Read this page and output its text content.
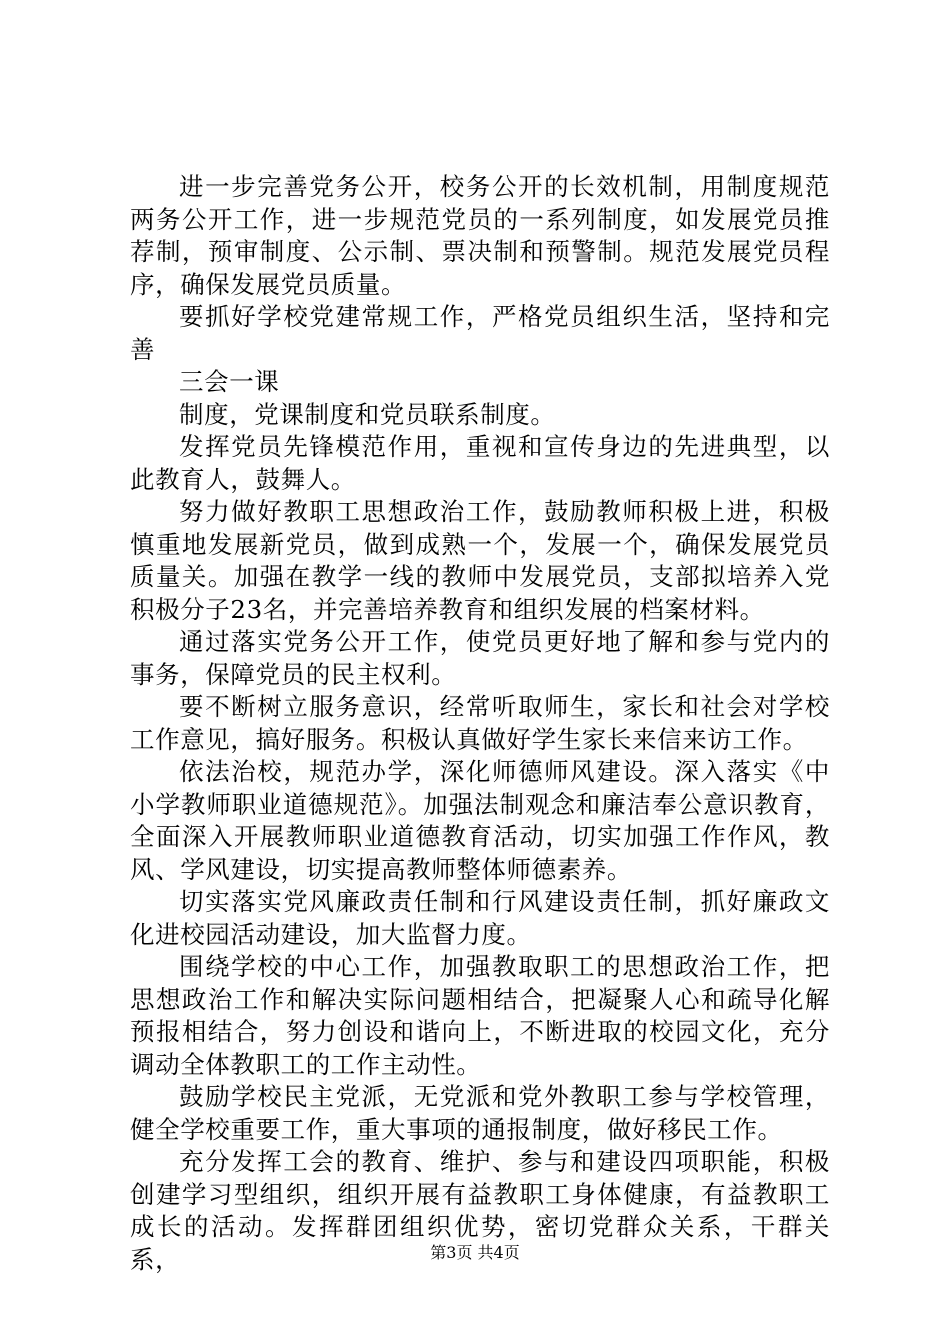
进一步完善党务公开，校务公开的长效机制，用制度规范两务公开工作，进一步规范党员的一系列制度，如发展党员推荐制，预审制度、公示制、票决制和预警制。规范发展党员程序，确保发展党员质量。

要抓好学校党建常规工作，严格党员组织生活，坚持和完善

三会一课

制度，党课制度和党员联系制度。

发挥党员先锋模范作用，重视和宣传身边的先进典型，以此教育人，鼓舞人。

努力做好教职工思想政治工作，鼓励教师积极上进，积极慎重地发展新党员，做到成熟一个，发展一个，确保发展党员质量关。加强在教学一线的教师中发展党员，支部拟培养入党积极分子23名，并完善培养教育和组织发展的档案材料。

通过落实党务公开工作，使党员更好地了解和参与党内的事务，保障党员的民主权利。

要不断树立服务意识，经常听取师生，家长和社会对学校工作意见，搞好服务。积极认真做好学生家长来信来访工作。

依法治校，规范办学，深化师德师风建设。深入落实《中小学教师职业道德规范》。加强法制观念和廉洁奉公意识教育，全面深入开展教师职业道德教育活动，切实加强工作作风，教风、学风建设，切实提高教师整体师德素养。

切实落实党风廉政责任制和行风建设责任制，抓好廉政文化进校园活动建设，加大监督力度。

围绕学校的中心工作，加强教取职工的思想政治工作，把思想政治工作和解决实际问题相结合，把凝聚人心和疏导化解预报相结合，努力创设和谐向上，不断进取的校园文化，充分调动全体教职工的工作主动性。

鼓励学校民主党派，无党派和党外教职工参与学校管理，健全学校重要工作，重大事项的通报制度，做好移民工作。

充分发挥工会的教育、维护、参与和建设四项职能，积极创建学习型组织，组织开展有益教职工身体健康，有益教职工成长的活动。发挥群团组织优势，密切党群众关系，干群关系，	第3页 共4页
